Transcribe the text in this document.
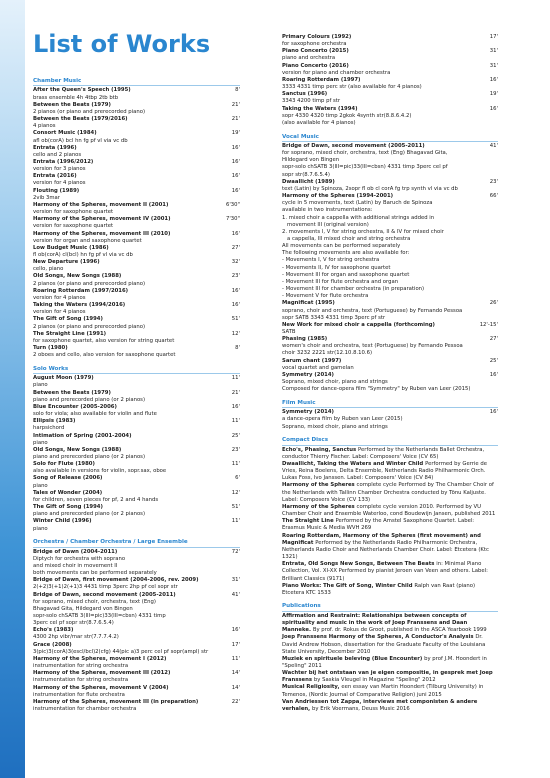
List of Works
Chamber Music
After the Queen's Speech (1995)
brass ensemble 4h 4tbp 2tb btb
8'
Between the Beats (1979)
2 pianos (or piano and prerecorded piano)
21'
Between the Beats (1979/2016)
4 pianos
21'
Consort Music (1984)
afl ob(corA) bcl hn fg pf vl via vc db
19'
Entrata (1996)
cello and 2 pianos
16'
Entrata (1996/2012)
version for 3 pianos
16'
Entrata (2016)
version for 4 pianos
16'
Flouting (1989)
2vib 3mar
16'
Harmony of the Spheres, movement II (2001)
version for saxophone quartet
6'30"
Harmony of the Spheres, movement IV (2001)
version for saxophone quartet
7'30"
Harmony of the Spheres, movement III (2010)
version for organ and saxophone quartet
16'
Low Budget Music (1986)
fl ob(corA) cl(bcl) hn fg pf vl via vc db
27'
New Departure (1996)
cello, piano
32'
Old Songs, New Songs (1988)
2 pianos (or piano and prerecorded piano)
23'
Roaring Rotterdam (1997/2016)
version for 4 pianos
16'
Taking the Waters (1994/2016)
version for 4 pianos
16'
The Gift of Song (1994)
2 pianos (or piano and prerecorded piano)
51'
The Straight Line (1991)
for saxophone quartet, also version for string quartet
12'
Turn (1980)
2 oboes and cello, also version for saxophone quartet
8'
Solo Works
August Moon (1979)
piano
11'
Between the Beats (1979)
piano and prerecorded piano (or 2 pianos)
21'
Blue Encounter (2005-2006)
solo for viola; also available for violin and flute
16'
Ellipsis (1983)
harpsichord
11'
Intimation of Spring (2001-2004)
piano
25'
Old Songs, New Songs (1988)
piano and prerecorded piano (or 2 pianos)
23'
Solo for Flute (1980)
also available in versions for violin, sopr.sax, oboe
11'
Song of Release (2006)
piano
6'
Tales of Wonder (2004)
for children, seven pieces for pf, 2 and 4 hands
12'
The Gift of Song (1994)
piano and prerecorded piano (or 2 pianos)
51'
Winter Child (1996)
piano
11'
Orchestra / Chamber Orchestra / Large Ensemble
Bridge of Dawn (2004-2011)
Diptych for orchestra with soprano
and mixed choir in movement II
both movements can be performed separately
72'
Bridge of Dawn, first movement (2004-2006, rev. 2009)
2(+2)3(+1)2(+1)3 4431 timp 3perc 2hp pf cel sopr str
31'
Bridge of Dawn, second movement (2005-2011)
for soprano, mixed choir, orchestra, text (Eng)
Bhagavad Gita, Hildegard von Bingen
sopr-solo chSATB 3(III=pic)33(III=cbsn) 4331 timp
3perc cel pf sopr str(8.7.6.5.4)
41'
Echo's (1983)
4300 2hp vibr/mar str(7.7.7.4.2)
16'
Grace (2008)
3(pic)3(corA)3(escl/bcl)2(cfg) 44(pic a)3 perc cel pf sopr(ampl) str
17'
Harmony of the Spheres, movement I (2012)
instrumentation for string orchestra
11'
Harmony of the Spheres, movement III (2012)
instrumentation for string orchestra
14'
Harmony of the Spheres, movement V (2004)
instrumentation for flute orchestra
14'
Harmony of the Spheres, movement III (in preparation)
instrumentation for chamber orchestra
22'
Primary Colours (1992)
for saxophone orchestra
17'
Piano Concerto (2015)
piano and orchestra
31'
Piano Concerto (2016)
version for piano and chamber orchestra
31'
Roaring Rotterdam (1997)
3333 4331 timp perc str (also available for 4 pianos)
16'
Sanctus (1996)
3343 4200 timp pf str
19'
Taking the Waters (1994)
sopr 4330 4320 timp 2gkok 4synth str(8.8.6.4.2)
(also available for 4 pianos)
16'
Vocal Music
Bridge of Dawn, second movement (2005-2011)
for soprano, mixed choir, orchestra, text (Eng) Bhagavad Gita,
Hildegard von Bingen
sopr-solo chSATB 3(III=pic)33(III=cbsn) 4331 timp 3perc cel pf
sopr str(8.7.6.5.4)
41'
Dwaallicht (1989)
text (Latin) by Spinoza, 2sopr fl ob cl corA fg trp synth vl via vc db
23'
Harmony of the Spheres (1994-2001)
cycle in 5 movements, text (Latin) by Baruch de Spinoza
available in two instrumentations:
1. mixed choir a cappella with additional strings added in
movement III (original version)
2. movements I, V for string orchestra, II & IV for mixed choir
a cappella, III mixed choir and string orchestra
All movements can be performed separately
The following movements are also available for:
- Movements I, V for string orchestra
- Movements II, IV for saxophone quartet
- Movement III for organ and saxophone quartet
- Movement III for flute orchestra and organ
- Movement III for chamber orchestra (in preparation)
- Movement V for flute orchestra
66'
Magnificat (1995)
soprano, choir and orchestra, text (Portuguese) by Fernando Pessoa
sopr SATB 3343 4331 timp 3perc pf str
26'
New Work for mixed choir a cappella (forthcoming)
SATB
12'-15'
Phasing (1985)
women's choir and orchestra, text (Portuguese) by Fernando Pessoa
choir 3232 2221 str(12.10.8.10.6)
27'
Sarum chant (1997)
vocal quartet and gamelan
25'
Symmetry (2014)
Soprano, mixed choir, piano and strings
Composed for dance-opera film "Symmetry" by Ruben van Leer (2015)
16'
Film Music
Symmetry (2014)
a dance-opera film by Ruben van Leer (2015)
Soprano, mixed choir, piano and strings
16'
Compact Discs
Echo's, Phasing, Sanctus Performed by the Netherlands Ballet Orchestra, conductor Thierry Fischer. Label: Composers' Voice (CV 65)
Dwaallicht, Taking the Waters and Winter Child Performed by Gerrie de Vries, Reina Boelens, Delta Ensemble, Netherlands Radio Philharmonic Orch. Lukas Foss, Ivo Janssen. Label: Composers' Voice (CV 84)
Harmony of the Spheres complete cycle Performed by The Chamber Choir of the Netherlands with Tallinn Chamber Orchestra conducted by Tõnu Kaljuste. Label: Composers Voice (CV 133)
Harmony of the Spheres complete cycle version 2010. Performed by VU Chamber Choir and Ensemble Waterloo, cond Boudewijn Jansen, published 2011
The Straight Line Performed by the Amstel Saxophone Quartet. Label: Erasmus Music & Media WVH 269
Roaring Rotterdam, Harmony of the Spheres (first movement) and Magnificat Performed by the Netherlands Radio Philharmonic Orchestra, Netherlands Radio Choir and Netherlands Chamber Choir. Label: Etcetera (Ktc 1321)
Entrata, Old Songs New Songs, Between The Beats in: Minimal Piano Collection, Vol. XI-XX Performed by pianist Jeroen van Veen and others. Label: Brilliant Classics (9171)
Piano Works: The Gift of Song, Winter Child Ralph van Raat (piano) Etcetera KTC 1533
Publications
Affirmation and Restraint: Relationships between concepts of spirituality and music in the work of Joep Franssens and Daan Manneke. By prof. dr. Rokus de Groot, published in the ASCA Yearbook 1999
Joep Franssens Harmony of the Spheres, A Conductor's Analysis Dr. David Andrew Hobson, dissertation for the Graduate Faculty of the Louisiana State University, December 2010
Muziek en spirituele beleving (Blue Encounter) by prof J.M. Hoondert in "Speling" 2011
Wachter bij het ontstaan van je eigen compositie, in gesprek met Joep Franssens by Saskia Vleugel in Magazine "Speling" 2012
Musical Religiosity, een essay van Martin Hoondert (Tilburg University) in Temenos, (Nordic Journal of Comparative Religion) juni 2015
Van Andriessen tot Zappa, interviews met componisten & andere verhalen, by Erik Voermans, Deuss Music 2016
